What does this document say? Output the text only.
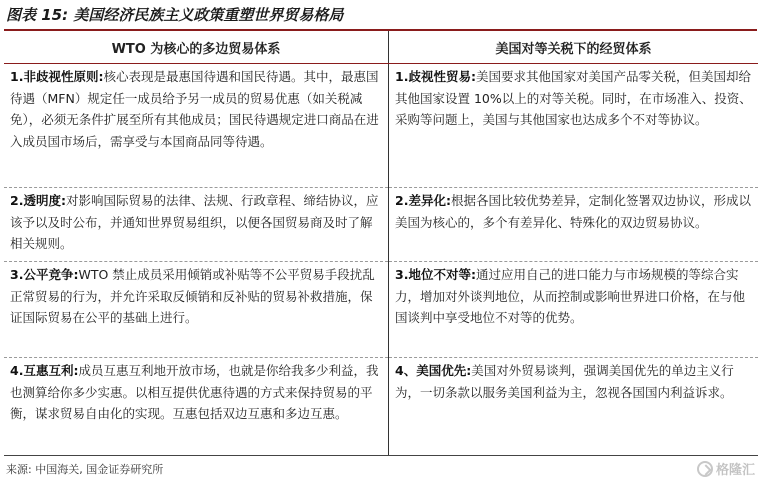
图表 15: 美国经济民族主义政策重塑世界贸易格局
WTO 为核心的多边贸易体系	美国对等关税下的经贸体系
1.非歧视性原则:核心表现是最惠国待遇和国民待遇。其中，最惠国待遇（MFN）规定任一成员给予另一成员的贸易优惠（如关税减免），必须无条件扩展至所有其他成员；国民待遇规定进口商品在进入成员国市场后，需享受与本国商品同等待遇。	1.歧视性贸易:美国要求其他国家对美国产品零关税，但美国却给其他国家设置 10%以上的对等关税。同时，在市场准入、投资、采购等问题上，美国与其他国家也达成多个不对等协议。
2.透明度:对影响国际贸易的法律、法规、行政章程、缔结协议，应该予以及时公布，并通知世界贸易组织，以便各国贸易商及时了解相关规则。	2.差异化:根据各国比较优势差异，定制化签署双边协议，形成以美国为核心的，多个有差异化、特殊化的双边贸易协议。
3.公平竞争:WTO 禁止成员采用倾销或补贴等不公平贸易手段扰乱正常贸易的行为，并允许采取反倾销和反补贴的贸易补救措施，保证国际贸易在公平的基础上进行。	3.地位不对等:通过应用自己的进口能力与市场规模的等综合实力，增加对外谈判地位，从而控制或影响世界进口价格，在与他国谈判中享受地位不对等的优势。
4.互惠互利:成员互惠互利地开放市场，也就是你给我多少利益，我也测算给你多少实惠。以相互提供优惠待遇的方式来保持贸易的平衡，谋求贸易自由化的实现。互惠包括双边互惠和多边互惠。	4、美国优先:美国对外贸易谈判，强调美国优先的单边主义行为，一切条款以服务美国利益为主，忽视各国国内利益诉求。
来源: 中国海关, 国金证券研究所	格隆汇
